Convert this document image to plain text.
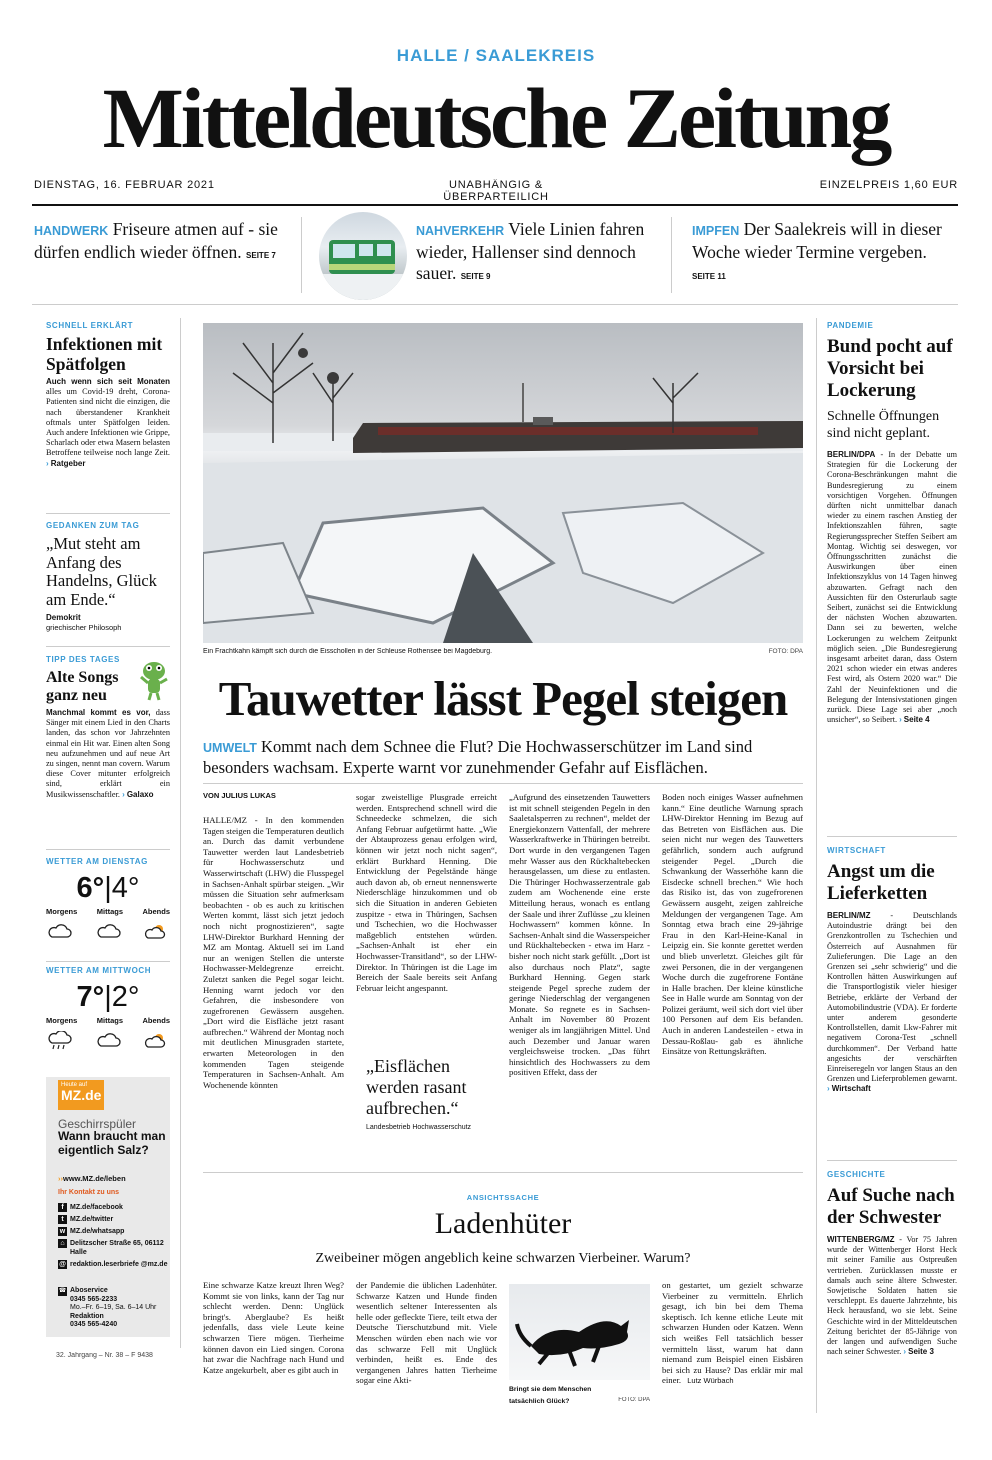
HALLE / SAALEKREIS
Mitteldeutsche Zeitung
DIENSTAG, 16. FEBRUAR 2021	UNABHÄNGIG & ÜBERPARTEILICH
EINZELPREIS 1,60 EUR
HANDWERK Friseure atmen auf - sie dürfen endlich wieder öffnen. SEITE 7
NAHVERKEHR Viele Linien fahren wieder, Hallenser sind dennoch sauer. SEITE 9
IMPFEN Der Saalekreis will in dieser Woche wieder Termine vergeben. SEITE 11
SCHNELL ERKLÄRT
Infektionen mit Spätfolgen
Auch wenn sich seit Monaten alles um Covid-19 dreht, Corona-Patienten sind nicht die einzigen, die nach überstandener Krankheit oftmals unter Spätfolgen leiden. Auch andere Infektionen wie Grippe, Scharlach oder etwa Masern belasten Betroffene teilweise noch lange Zeit. › Ratgeber
GEDANKEN ZUM TAG
„Mut steht am Anfang des Handelns, Glück am Ende.“
Demokrit
griechischer Philosoph
TIPP DES TAGES
Alte Songs ganz neu
Manchmal kommt es vor, dass Sänger mit einem Lied in den Charts landen, das schon vor Jahrzehnten einmal ein Hit war. Einen alten Song neu aufzunehmen und auf neue Art zu singen, nennt man covern. Warum diese Cover mitunter erfolgreich sind, erklärt ein Musikwissenschaftler. › Galaxo
WETTER AM DIENSTAG
6°|4°
Morgens	Mittags	Abends
WETTER AM MITTWOCH
7°|2°
Morgens	Mittags	Abends
Heute auf
MZ.de
Geschirrspüler
Wann braucht man eigentlich Salz?
››www.MZ.de/leben
Ihr Kontakt zu uns
f MZ.de/facebook
t MZ.de/twitter
w MZ.de/whatsapp
⌂ Delitzscher Straße 65, 06112 Halle
@ redaktion.leserbriefe @mz.de
☎ Aboservice
0345 565-2233
Mo.–Fr. 6–19, Sa. 6–14 Uhr
Redaktion
0345 565-4240
32. Jahrgang – Nr. 38 – F 9438
Ein Frachtkahn kämpft sich durch die Eisschollen in der Schleuse Rothensee bei Magdeburg.	FOTO: DPA
Tauwetter lässt Pegel steigen
UMWELT Kommt nach dem Schnee die Flut? Die Hochwasserschützer im Land sind besonders wachsam. Experte warnt vor zunehmender Gefahr auf Eisflächen.
VON JULIUS LUKAS
HALLE/MZ - In den kommenden Tagen steigen die Temperaturen deutlich an. Durch das damit verbundene Tauwetter werden laut Landesbetrieb für Hochwasserschutz und Wasserwirtschaft (LHW) die Flusspegel in Sachsen-Anhalt spürbar steigen. „Wir müssen die Situation sehr aufmerksam beobachten - ob es auch zu kritischen Werten kommt, lässt sich jetzt jedoch noch nicht prognostizieren“, sagte LHW-Direktor Burkhard Henning der MZ am Montag. Aktuell sei im Land nur an wenigen Stellen die unterste Hochwasser-Meldegrenze erreicht. Zuletzt sanken die Pegel sogar leicht. Henning warnt jedoch vor den Gefahren, die insbesondere von zugefrorenen Gewässern ausgehen. „Dort wird die Eisfläche jetzt rasant aufbrechen.“ Während der Montag noch mit deutlichen Minusgraden startete, erwarten Meteorologen in den kommenden Tagen steigende Temperaturen in Sachsen-Anhalt. Am Wochenende könnten
sogar zweistellige Plusgrade erreicht werden. Entsprechend schnell wird die Schneedecke schmelzen, die sich Anfang Februar aufgetürmt hatte. „Wie der Abtauprozess genau erfolgen wird, können wir jetzt noch nicht sagen“, erklärt Burkhard Henning. Die Entwicklung der Pegelstände hänge auch davon ab, ob erneut nennenswerte Niederschläge hinzukommen und ob sich die Situation in anderen Gebieten zuspitze - etwa in Thüringen, Sachsen und Tschechien, wo die Hochwasser maßgeblich entstehen würden. „Sachsen-Anhalt ist eher ein Hochwasser-Transitland“, so der LHW-Direktor. In Thüringen ist die Lage im Bereich der Saale bereits seit Anfang Februar leicht angespannt.
„Eisflächen werden rasant aufbrechen.“
Landesbetrieb Hochwasserschutz
„Aufgrund des einsetzenden Tauwetters ist mit schnell steigenden Pegeln in den Saaletalsperren zu rechnen“, meldet der Energiekonzern Vattenfall, der mehrere Wasserkraftwerke in Thüringen betreibt. Dort wurde in den vergangenen Tagen mehr Wasser aus den Rückhaltebecken herausgelassen, um diese zu entlasten. Die Thüringer Hochwasserzentrale gab zudem am Wochenende eine erste Mitteilung heraus, wonach es entlang der Saale und ihrer Zuflüsse „zu kleinen Hochwassern“ kommen könne. In Sachsen-Anhalt sind die Wasserspeicher und Rückhaltebecken - etwa im Harz - bisher noch nicht stark gefüllt. „Dort ist also durchaus noch Platz“, sagte Burkhard Henning. Gegen stark steigende Pegel spreche zudem der geringe Niederschlag der vergangenen Monate. So regnete es in Sachsen-Anhalt im November 80 Prozent weniger als im langjährigen Mittel. Und auch Dezember und Januar waren vergleichsweise trocken. „Das führt hinsichtlich des Hochwassers zu dem positiven Effekt, dass der
Boden noch einiges Wasser aufnehmen kann.“ Eine deutliche Warnung sprach LHW-Direktor Henning im Bezug auf das Betreten von Eisflächen aus. Die seien nicht nur wegen des Tauwetters gefährlich, sondern auch aufgrund steigender Pegel. „Durch die Schwankung der Wasserhöhe kann die Eisdecke schnell brechen.“ Wie hoch das Risiko ist, das von zugefrorenen Gewässern ausgeht, zeigen zahlreiche Meldungen der vergangenen Tage. Am Sonntag etwa brach eine 29-jährige Frau in den Karl-Heine-Kanal in Leipzig ein. Sie konnte gerettet werden und blieb unverletzt. Gleiches gilt für zwei Personen, die in der vergangenen Woche durch die zugefrorene Fontäne in Halle brachen. Der kleine künstliche See in Halle wurde am Sonntag von der Polizei geräumt, weil sich dort viel über 100 Personen auf dem Eis befanden. Auch in anderen Landesteilen - etwa in Dessau-Roßlau- gab es ähnliche Einsätze von Rettungskräften.
ANSICHTSSACHE
Ladenhüter
Zweibeiner mögen angeblich keine schwarzen Vierbeiner. Warum?
Eine schwarze Katze kreuzt Ihren Weg? Kommt sie von links, kann der Tag nur schlecht werden. Denn: Unglück bringt's. Aberglaube? Es heißt jedenfalls, dass viele Leute keine schwarzen Tiere mögen. Tierheime können davon ein Lied singen. Corona hat zwar die Nachfrage nach Hund und Katze angekurbelt, aber es gibt auch in
der Pandemie die üblichen Ladenhüter. Schwarze Katzen und Hunde finden wesentlich seltener Interessenten als helle oder gefleckte Tiere, teilt etwa der Deutsche Tierschutzbund mit. Viele Menschen würden eben nach wie vor das schwarze Fell mit Unglück verbinden, heißt es. Ende des vergangenen Jahres hatten Tierheime sogar eine Akti-
Bringt sie dem Menschen tatsächlich Glück?	FOTO: DPA
on gestartet, um gezielt schwarze Vierbeiner zu vermitteln. Ehrlich gesagt, ich bin bei dem Thema skeptisch. Ich kenne etliche Leute mit schwarzen Hunden oder Katzen. Wenn sich weißes Fell tatsächlich besser vermitteln lässt, warum hat dann niemand zum Beispiel einen Eisbären bei sich zu Hause? Das erklär mir mal einer. Lutz Würbach
PANDEMIE
Bund pocht auf Vorsicht bei Lockerung
Schnelle Öffnungen sind nicht geplant.
BERLIN/DPA - In der Debatte um Strategien für die Lockerung der Corona-Beschränkungen mahnt die Bundesregierung zu einem vorsichtigen Vorgehen. Öffnungen dürften nicht unmittelbar danach wieder zu einem raschen Anstieg der Infektionszahlen führen, sagte Regierungssprecher Steffen Seibert am Montag. Wichtig sei deswegen, vor Öffnungsschritten zunächst die Auswirkungen über einen Infektionszyklus von 14 Tagen hinweg abzuwarten. Gefragt nach den Aussichten für den Osterurlaub sagte Seibert, zunächst sei die Entwicklung der nächsten Wochen abzuwarten. Dann sei zu bewerten, welche Lockerungen zu welchem Zeitpunkt möglich seien. „Die Bundesregierung insgesamt arbeitet daran, dass Ostern 2021 schon wieder ein etwas anderes Fest wird, als Ostern 2020 war.“ Die Zahl der Neuinfektionen und die Belegung der Intensivstationen gingen zurück. Diese Lage sei aber „noch unsicher“, so Seibert. › Seite 4
WIRTSCHAFT
Angst um die Lieferketten
BERLIN/MZ - Deutschlands Autoindustrie drängt bei den Grenzkontrollen zu Tschechien und Österreich auf Ausnahmen für Zulieferungen. Die Lage an den Grenzen sei „sehr schwierig“ und die Kontrollen hätten Auswirkungen auf die Transportlogistik vieler hiesiger Betriebe, erklärte der Verband der Automobilindustrie (VDA). Er forderte unter anderem gesonderte Kontrollstellen, damit Lkw-Fahrer mit negativem Corona-Test „schnell durchkommen“. Der Verband hatte angesichts der verschärften Einreiseregeln vor langen Staus an den Grenzen und Lieferproblemen gewarnt. › Wirtschaft
GESCHICHTE
Auf Suche nach der Schwester
WITTENBERG/MZ - Vor 75 Jahren wurde der Wittenberger Horst Heck mit seiner Familie aus Ostpreußen vertrieben. Zurücklassen musste er damals auch seine ältere Schwester. Sowjetische Soldaten hatten sie verschleppt. Es dauerte Jahrzehnte, bis Heck herausfand, wo sie lebt. Seine Geschichte wird in der Mitteldeutschen Zeitung berichtet der 85-Jährige von der langen und aufwendigen Suche nach seiner Schwester. › Seite 3
